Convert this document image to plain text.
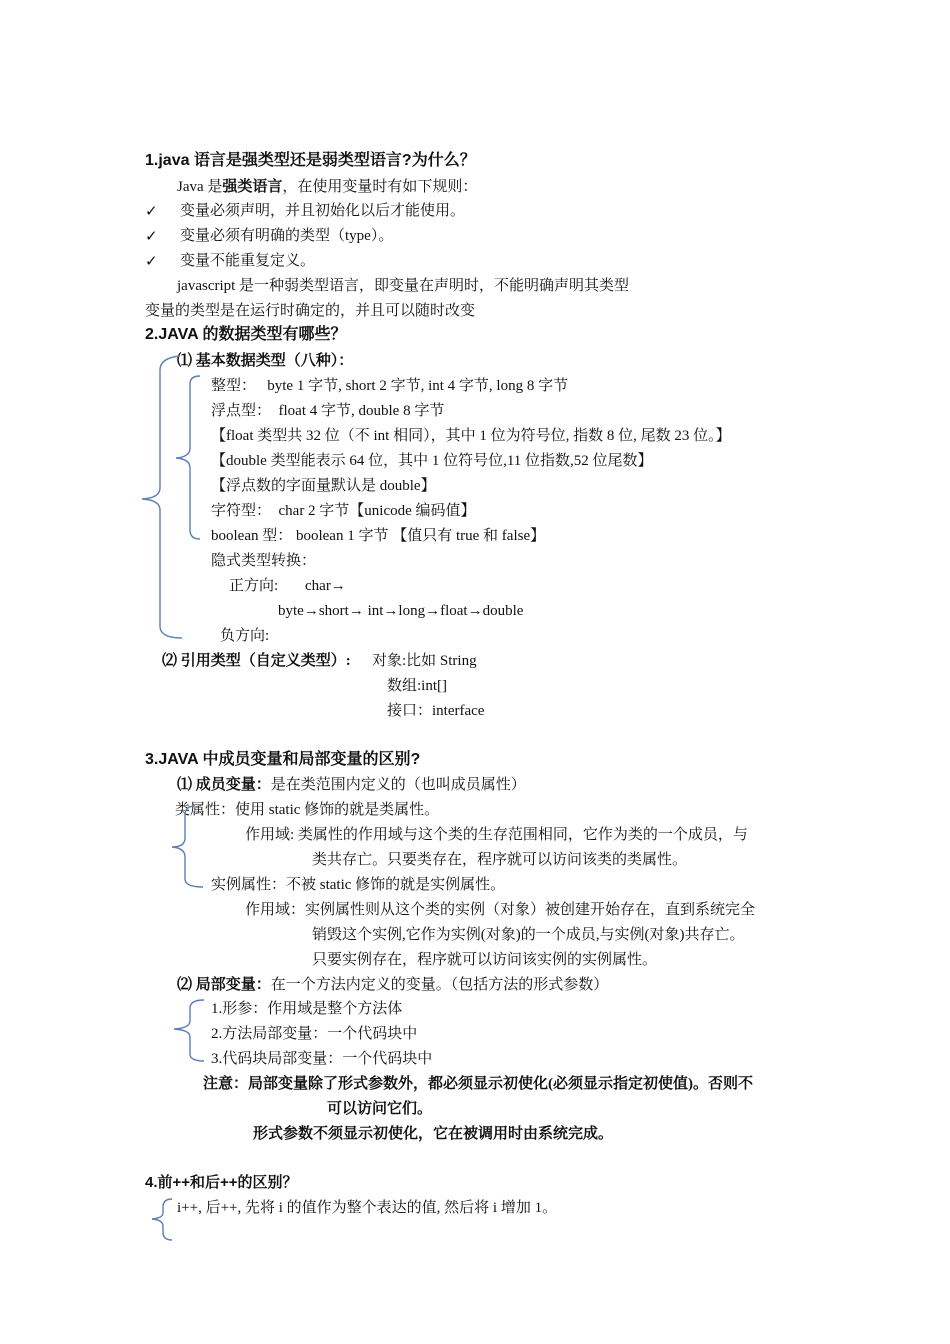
1.java 语言是强类型还是弱类型语言?为什么？
Java 是强类语言，在使用变量时有如下规则：
✓ 变量必须声明，并且初始化以后才能使用。
✓ 变量必须有明确的类型（type）。
✓ 变量不能重复定义。
javascript 是一种弱类型语言，即变量在声明时，不能明确声明其类型
变量的类型是在运行时确定的，并且可以随时改变
2.JAVA 的数据类型有哪些？
⑴ 基本数据类型（八种）：
整型：　 byte 1 字节, short 2 字节, int 4 字节, long 8 字节
浮点型：　float 4 字节, double 8 字节
【float 类型共 32 位（不 int 相同），其中 1 位为符号位, 指数 8 位, 尾数 23 位。】
【double 类型能表示 64 位，其中 1 位符号位,11 位指数,52 位尾数】
【浮点数的字面量默认是 double】
字符型：　char 2 字节【unicode 编码值】
boolean 型： boolean 1 字节 【值只有 true 和 false】
隐式类型转换：
正方向: char→
byte→short→ int→long→float→double
负方向:
⑵ 引用类型（自定义类型）: 对象:比如 String
数组:int[]
接口：interface
3.JAVA 中成员变量和局部变量的区别?
⑴ 成员变量：是在类范围内定义的（也叫成员属性）
类属性：使用 static 修饰的就是类属性。
作用域: 类属性的作用域与这个类的生存范围相同，它作为类的一个成员，与
类共存亡。只要类存在，程序就可以访问该类的类属性。
实例属性：不被 static 修饰的就是实例属性。
作用域：实例属性则从这个类的实例（对象）被创建开始存在，直到系统完全
销毁这个实例,它作为实例(对象)的一个成员,与实例(对象)共存亡。
只要实例存在，程序就可以访问该实例的实例属性。
⑵ 局部变量：在一个方法内定义的变量。（包括方法的形式参数）
1.形参：作用域是整个方法体
2.方法局部变量：一个代码块中
3.代码块局部变量：一个代码块中
注意：局部变量除了形式参数外，都必须显示初使化(必须显示指定初使值)。否则不
可以访问它们。
形式参数不须显示初使化，它在被调用时由系统完成。
4.前++和后++的区别？
i++, 后++, 先将 i 的值作为整个表达的值, 然后将 i 增加 1。
